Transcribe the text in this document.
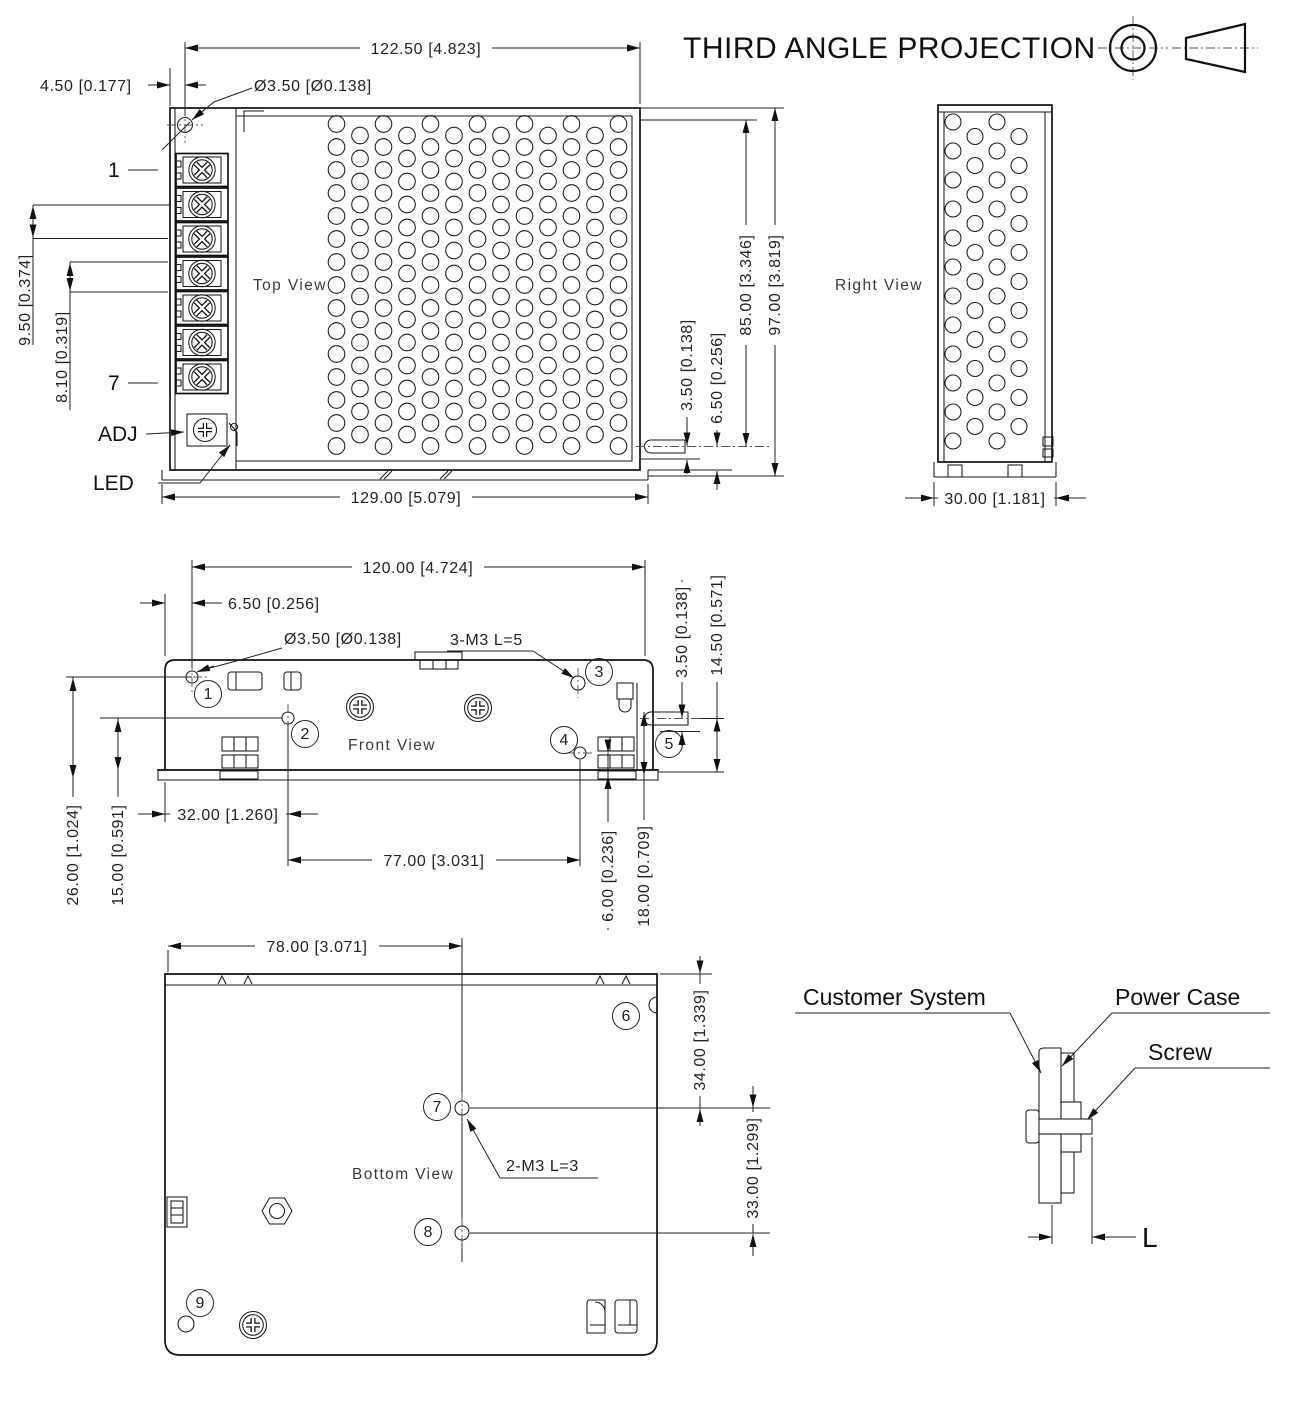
THIRD ANGLE PROJECTION
Top View
1
7
ADJ
LED
122.50 [4.823]
4.50 [0.177]	Ø3.50 [Ø0.138]
9.50 [0.374]
8.10 [0.319]
129.00 [5.079]
3.50 [0.138] 6.50 [0.256]
85.00 [3.346] 97.00 [3.819]	Right View
30.00 [1.181]
Front View
1
2
3
4	5
120.00 [4.724]
6.50 [0.256]
Ø3.50 [Ø0.138]	3-M3 L=5	3.50 [0.138] 14.50 [0.571]
26.00 [1.024] 15.00 [0.591]	32.00 [1.260]
77.00 [3.031]	6.00 [0.236] 18.00 [0.709]
6
7
8
2-M3 L=3
Bottom View
9
78.00 [3.071]
34.00 [1.339]
33.00 [1.299]
Customer System	Power Case
Screw
L
